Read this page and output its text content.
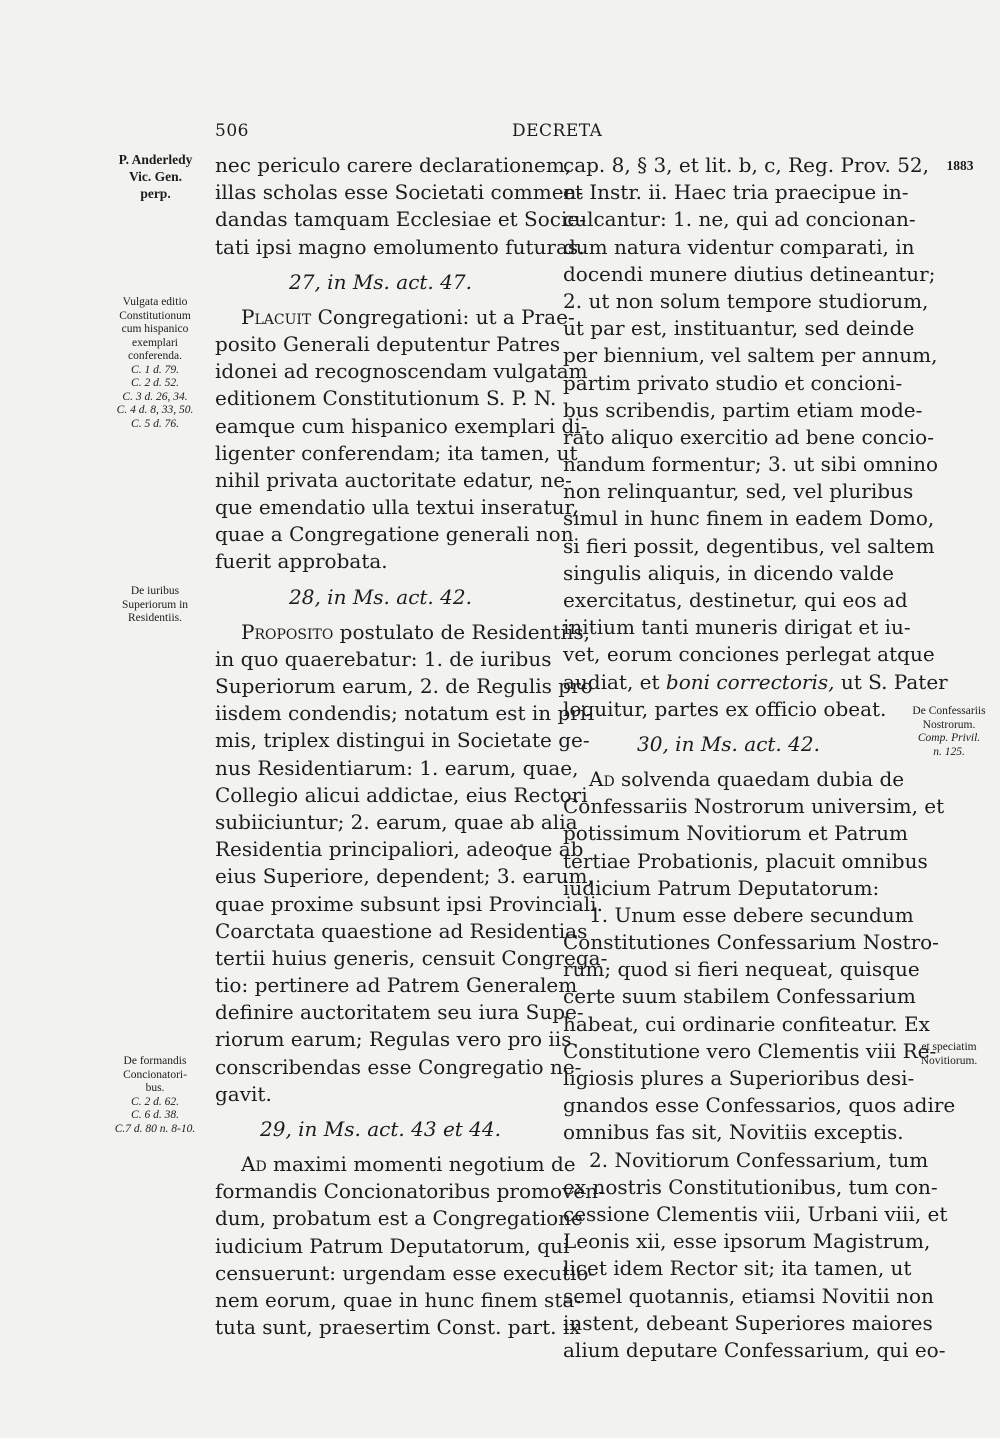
506	DECRETA
P. Anderledy
Vic. Gen.
perp.
Vulgata editio
Constitutionum
cum hispanico
exemplari
conferenda.
C. 1 d. 79.
C. 2 d. 52.
C. 3 d. 26, 34.
C. 4 d. 8, 33, 50.
C. 5 d. 76.
De iuribus
Superiorum in
Residentiis.
De formandis
Concionatori-
bus.
C. 2 d. 62.
C. 6 d. 38.
C.7 d. 80 n. 8-10.
1883
De Confessariis
Nostrorum.
Comp. Privil.
n. 125.
et speciatim
Novitiorum.
nec periculo carere declarationem,
illas scholas esse Societati commen-
dandas tamquam Ecclesiae et Socie-
tati ipsi magno emolumento futuras.
27, in Ms. act. 47.
Placuit Congregationi: ut a Prae-
posito Generali deputentur Patres
idonei ad recognoscendam vulgatam
editionem Constitutionum S. P. N.
eamque cum hispanico exemplari di-
ligenter conferendam; ita tamen, ut
nihil privata auctoritate edatur, ne-
que emendatio ulla textui inseratur,
quae a Congregatione generali non
fuerit approbata.
28, in Ms. act. 42.
Proposito postulato de Residentiis,
in quo quaerebatur: 1. de iuribus
Superiorum earum, 2. de Regulis pro
iisdem condendis; notatum est in pri-
mis, triplex distingui in Societate ge-
nus Residentiarum: 1. earum, quae,
Collegio alicui addictae, eius Rectori
subiiciuntur; 2. earum, quae ab alia
Residentia principaliori, adeoque ab
eius Superiore, dependent; 3. earum,
quae proxime subsunt ipsi Provinciali.
Coarctata quaestione ad Residentias
tertii huius generis, censuit Congrega-
tio: pertinere ad Patrem Generalem
definire auctoritatem seu iura Supe-
riorum earum; Regulas vero pro iis
conscribendas esse Congregatio ne-
gavit.
29, in Ms. act. 43 et 44.
Ad maximi momenti negotium de
formandis Concionatoribus promoven-
dum, probatum est a Congregatione
iudicium Patrum Deputatorum, qui
censuerunt: urgendam esse executio-
nem eorum, quae in hunc finem sta-
tuta sunt, praesertim Const. part. ix
cap. 8, § 3, et lit. b, c, Reg. Prov. 52,
et Instr. ii. Haec tria praecipue in-
culcantur: 1. ne, qui ad concionan-
dum natura videntur comparati, in
docendi munere diutius detineantur;
2. ut non solum tempore studiorum,
ut par est, instituantur, sed deinde
per biennium, vel saltem per annum,
partim privato studio et concioni-
bus scribendis, partim etiam mode-
rato aliquo exercitio ad bene concio-
nandum formentur; 3. ut sibi omnino
non relinquantur, sed, vel pluribus
simul in hunc finem in eadem Domo,
si fieri possit, degentibus, vel saltem
singulis aliquis, in dicendo valde
exercitatus, destinetur, qui eos ad
initium tanti muneris dirigat et iu-
vet, eorum conciones perlegat atque
audiat, et boni correctoris, ut S. Pater
loquitur, partes ex officio obeat.
30, in Ms. act. 42.
Ad solvenda quaedam dubia de
Confessariis Nostrorum universim, et
potissimum Novitiorum et Patrum
tertiae Probationis, placuit omnibus
iudicium Patrum Deputatorum:
1. Unum esse debere secundum
Constitutiones Confessarium Nostro-
rum; quod si fieri nequeat, quisque
certe suum stabilem Confessarium
habeat, cui ordinarie confiteatur. Ex
Constitutione vero Clementis viii Re-
ligiosis plures a Superioribus desi-
gnandos esse Confessarios, quos adire
omnibus fas sit, Novitiis exceptis.
2. Novitiorum Confessarium, tum
ex nostris Constitutionibus, tum con-
cessione Clementis viii, Urbani viii, et
Leonis xii, esse ipsorum Magistrum,
licet idem Rector sit; ita tamen, ut
semel quotannis, etiamsi Novitii non
instent, debeant Superiores maiores
alium deputare Confessarium, qui eo-
